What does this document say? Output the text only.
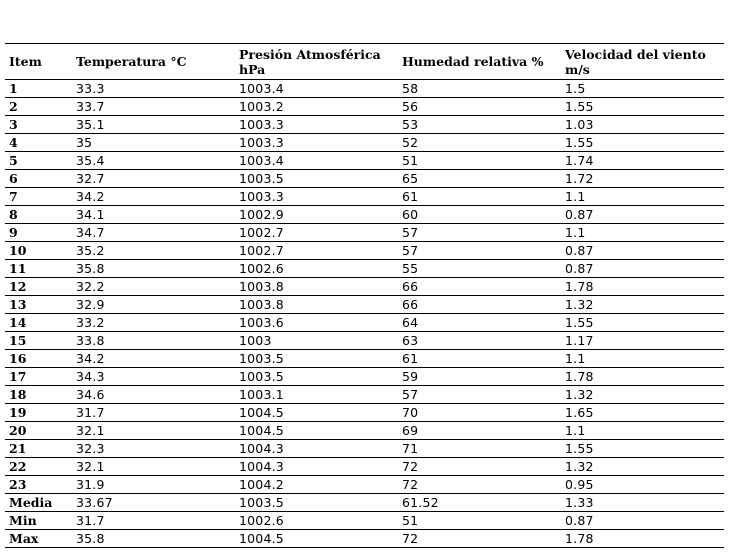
Item	Temperatura °C	Presión Atmosférica hPa	Humedad relativa %	Velocidad del viento m/s
1	33.3	1003.4	58	1.5
2	33.7	1003.2	56	1.55
3	35.1	1003.3	53	1.03
4	35	1003.3	52	1.55
5	35.4	1003.4	51	1.74
6	32.7	1003.5	65	1.72
7	34.2	1003.3	61	1.1
8	34.1	1002.9	60	0.87
9	34.7	1002.7	57	1.1
10	35.2	1002.7	57	0.87
11	35.8	1002.6	55	0.87
12	32.2	1003.8	66	1.78
13	32.9	1003.8	66	1.32
14	33.2	1003.6	64	1.55
15	33.8	1003	63	1.17
16	34.2	1003.5	61	1.1
17	34.3	1003.5	59	1.78
18	34.6	1003.1	57	1.32
19	31.7	1004.5	70	1.65
20	32.1	1004.5	69	1.1
21	32.3	1004.3	71	1.55
22	32.1	1004.3	72	1.32
23	31.9	1004.2	72	0.95
Media	33.67	1003.5	61.52	1.33
Min	31.7	1002.6	51	0.87
Max	35.8	1004.5	72	1.78
